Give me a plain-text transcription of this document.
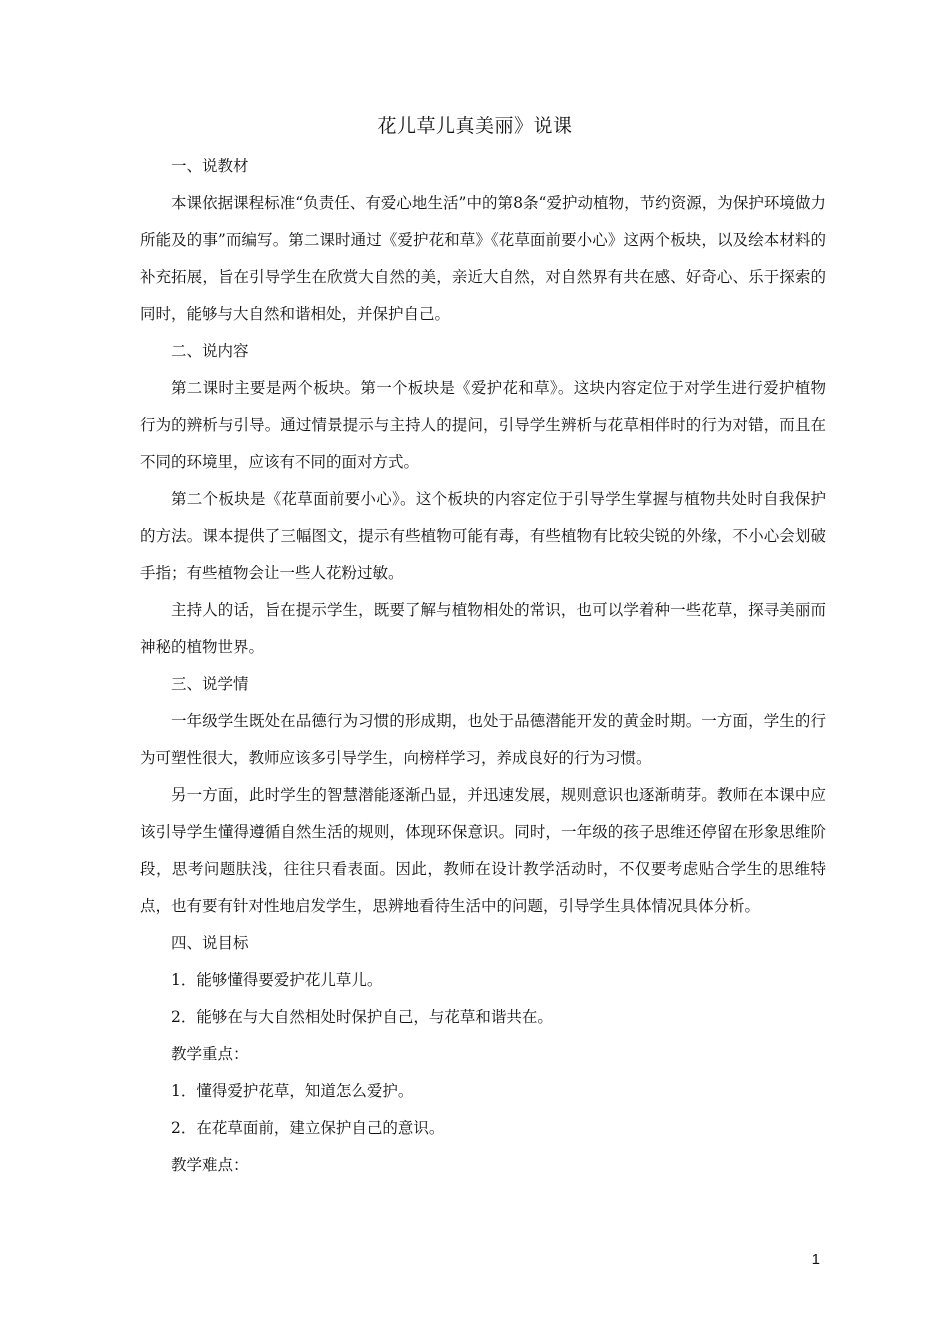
花儿草儿真美丽》说课

一、说教材

本课依据课程标准“负责任、有爱心地生活”中的第8条“爱护动植物，节约资源，为保护环境做力所能及的事”而编写。第二课时通过《爱护花和草》《花草面前要小心》这两个板块，以及绘本材料的补充拓展，旨在引导学生在欣赏大自然的美，亲近大自然，对自然界有共在感、好奇心、乐于探索的同时，能够与大自然和谐相处，并保护自己。

二、说内容

第二课时主要是两个板块。第一个板块是《爱护花和草》。这块内容定位于对学生进行爱护植物行为的辨析与引导。通过情景提示与主持人的提问，引导学生辨析与花草相伴时的行为对错，而且在不同的环境里，应该有不同的面对方式。

第二个板块是《花草面前要小心》。这个板块的内容定位于引导学生掌握与植物共处时自我保护的方法。课本提供了三幅图文，提示有些植物可能有毒，有些植物有比较尖锐的外缘，不小心会划破手指；有些植物会让一些人花粉过敏。

主持人的话，旨在提示学生，既要了解与植物相处的常识，也可以学着种一些花草，探寻美丽而神秘的植物世界。

三、说学情

一年级学生既处在品德行为习惯的形成期，也处于品德潜能开发的黄金时期。一方面，学生的行为可塑性很大，教师应该多引导学生，向榜样学习，养成良好的行为习惯。

另一方面，此时学生的智慧潜能逐渐凸显，并迅速发展，规则意识也逐渐萌芽。教师在本课中应该引导学生懂得遵循自然生活的规则，体现环保意识。同时，一年级的孩子思维还停留在形象思维阶段，思考问题肤浅，往往只看表面。因此，教师在设计教学活动时，不仅要考虑贴合学生的思维特点，也有要有针对性地启发学生，思辨地看待生活中的问题，引导学生具体情况具体分析。

四、说目标

1．能够懂得要爱护花儿草儿。

2．能够在与大自然相处时保护自己，与花草和谐共在。

教学重点：

1．懂得爱护花草，知道怎么爱护。

2．在花草面前，建立保护自己的意识。

教学难点：

1
